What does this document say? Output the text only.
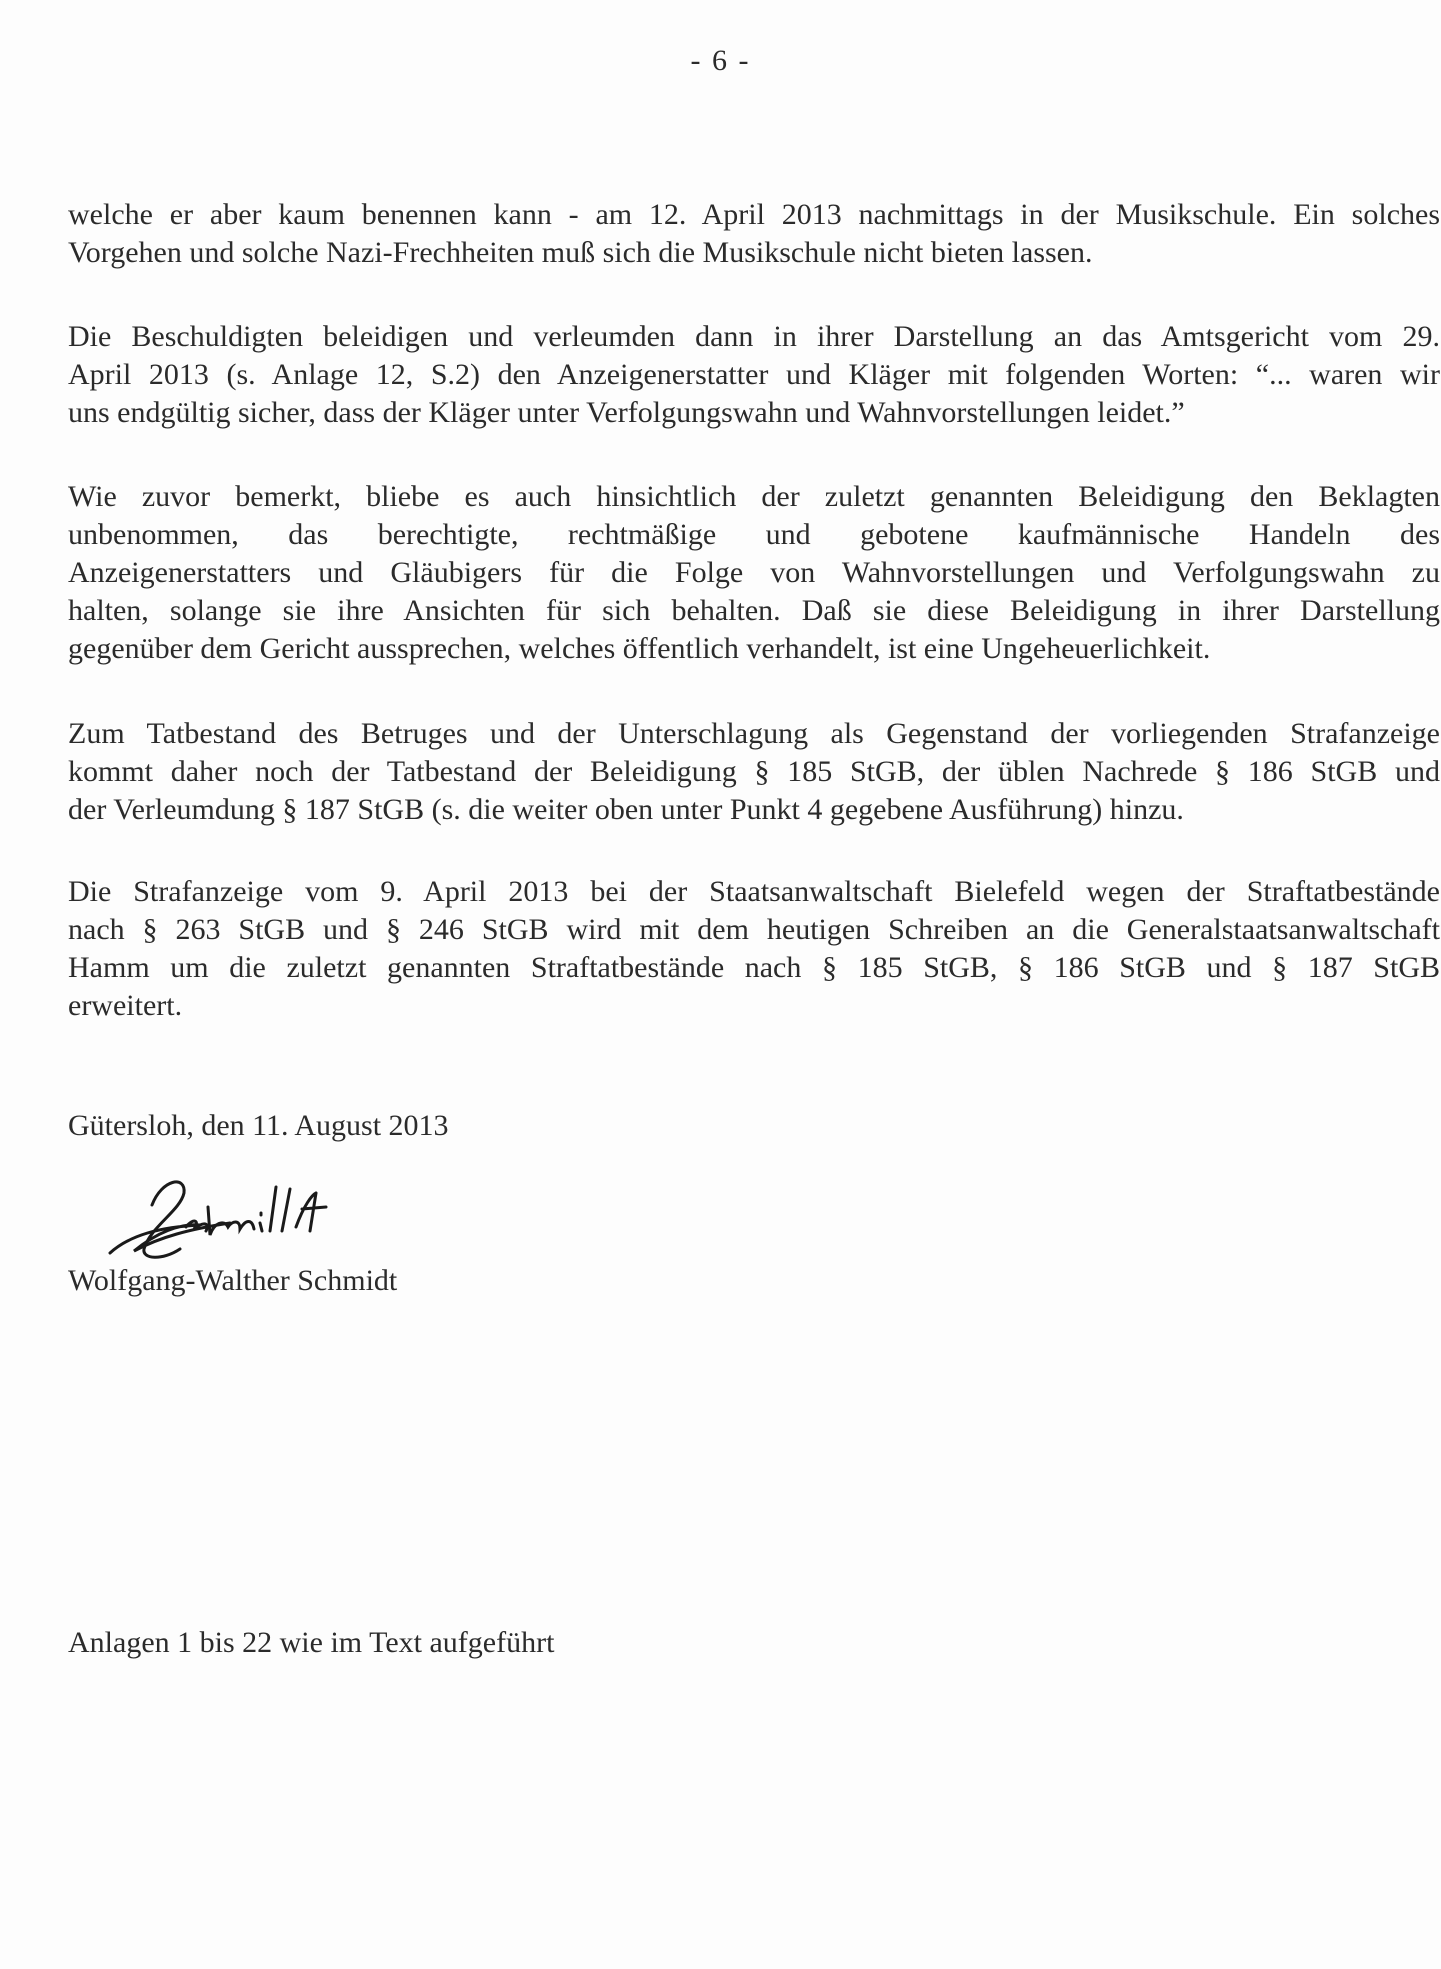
- 6 -
welche er aber kaum benennen kann - am 12. April 2013 nachmittags in der Musikschule. Ein solches
Vorgehen und solche Nazi-Frechheiten muß sich die Musikschule nicht bieten lassen.
Die Beschuldigten beleidigen und verleumden dann in ihrer Darstellung an das Amtsgericht vom 29.
April 2013 (s. Anlage 12, S.2) den Anzeigenerstatter und Kläger mit folgenden Worten: “... waren wir
uns endgültig sicher, dass der Kläger unter Verfolgungswahn und Wahnvorstellungen leidet.”
Wie zuvor bemerkt, bliebe es auch hinsichtlich der zuletzt genannten Beleidigung den Beklagten
unbenommen, das berechtigte, rechtmäßige und gebotene kaufmännische Handeln des
Anzeigenerstatters und Gläubigers für die Folge von Wahnvorstellungen und Verfolgungswahn zu
halten, solange sie ihre Ansichten für sich behalten. Daß sie diese Beleidigung in ihrer Darstellung
gegenüber dem Gericht aussprechen, welches öffentlich verhandelt, ist eine Ungeheuerlichkeit.
Zum Tatbestand des Betruges und der Unterschlagung als Gegenstand der vorliegenden Strafanzeige
kommt daher noch der Tatbestand der Beleidigung § 185 StGB, der üblen Nachrede § 186 StGB und
der Verleumdung § 187 StGB (s. die weiter oben unter Punkt 4 gegebene Ausführung) hinzu.
Die Strafanzeige vom 9. April 2013 bei der Staatsanwaltschaft Bielefeld wegen der Straftatbestände
nach § 263 StGB und § 246 StGB wird mit dem heutigen Schreiben an die Generalstaatsanwaltschaft
Hamm um die zuletzt genannten Straftatbestände nach § 185 StGB, § 186 StGB und § 187 StGB
erweitert.
Gütersloh, den 11. August 2013
Wolfgang-Walther Schmidt
Anlagen 1 bis 22 wie im Text aufgeführt
